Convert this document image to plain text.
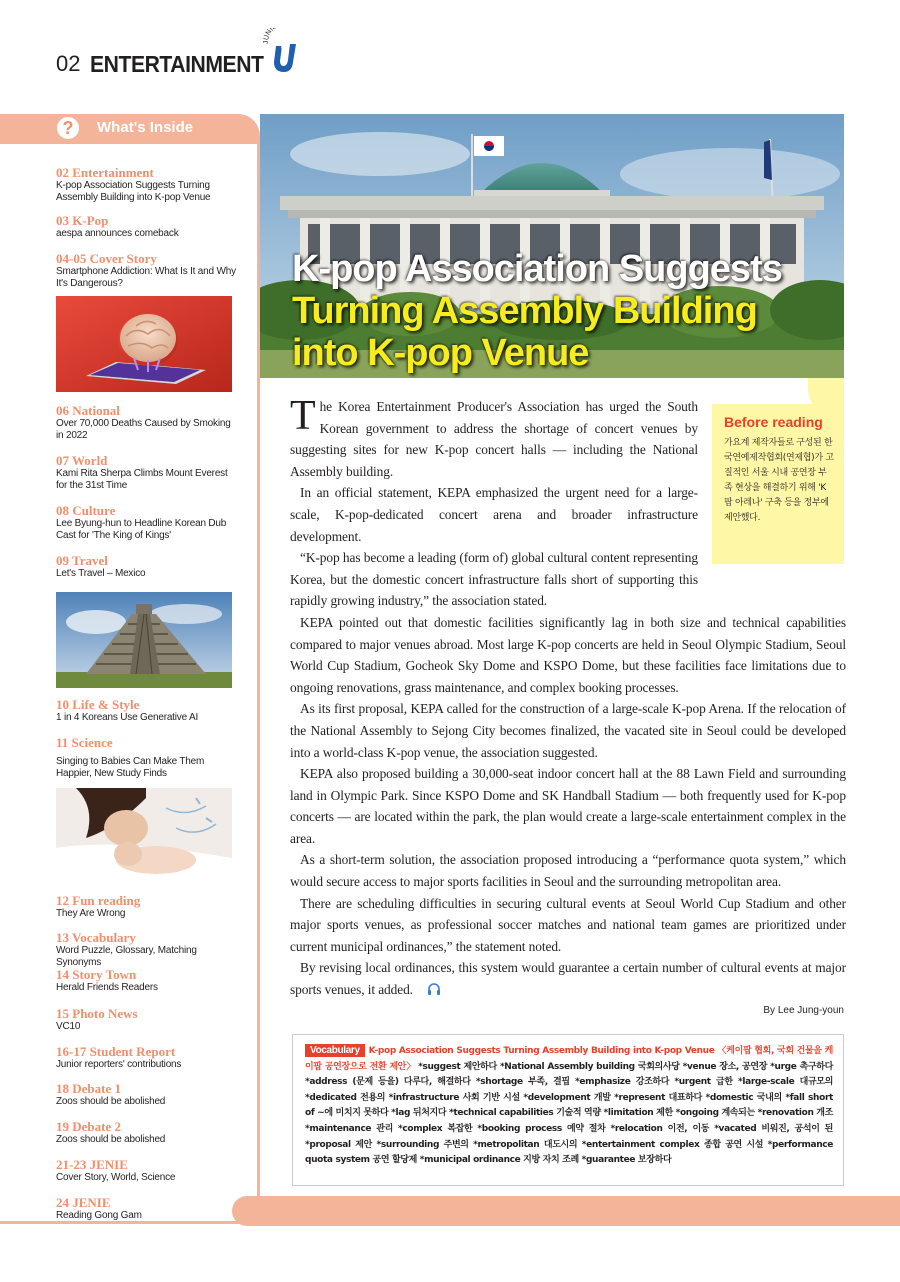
02 ENTERTAINMENT
JUNI
?	What's Inside
02 Entertainment
K-pop Association Suggests Turning Assembly Building into K-pop Venue
03 K-Pop
aespa announces comeback
04-05 Cover Story
Smartphone Addiction: What Is It and Why It's Dangerous?
06 National
Over 70,000 Deaths Caused by Smoking in 2022
07 World
Kami Rita Sherpa Climbs Mount Everest for the 31st Time
08 Culture
Lee Byung-hun to Headline Korean Dub Cast for 'The King of Kings'
09 Travel
Let's Travel – Mexico
10 Life & Style
1 in 4 Koreans Use Generative AI
11 Science
Singing to Babies Can Make Them Happier, New Study Finds
12 Fun reading
They Are Wrong
13 Vocabulary
Word Puzzle, Glossary, Matching Synonyms
14 Story Town
Herald Friends Readers
15 Photo News
VC10
16-17 Student Report
Junior reporters' contributions
18 Debate 1
Zoos should be abolished
19 Debate 2
Zoos should be abolished
21-23 JENIE
Cover Story, World, Science
24 JENIE
Reading Gong Gam
K-pop Association Suggests
Turning Assembly Building
into K-pop Venue
Before reading
가요계 제작자들로 구성된 한국연예제작협회(연제협)가 고질적인 서울 시내 공연장 부족 현상을 해결하기 위해 'K팝 아레나' 구축 등을 정부에 제안했다.

The Korea Entertainment Producer's Association has urged the South Korean government to address the shortage of concert venues by suggesting sites for new K-pop concert halls — including the National Assembly building.

In an official statement, KEPA emphasized the urgent need for a large-scale, K-pop-dedicated concert arena and broader infrastructure development.

“K-pop has become a leading (form of) global cultural content representing Korea, but the domestic concert infrastructure falls short of supporting this rapidly growing industry,” the association stated.

KEPA pointed out that domestic facilities significantly lag in both size and technical capabilities compared to major venues abroad. Most large K-pop concerts are held in Seoul Olympic Stadium, Seoul World Cup Stadium, Gocheok Sky Dome and KSPO Dome, but these facilities face limitations due to ongoing renovations, grass maintenance, and complex booking processes.

As its first proposal, KEPA called for the construction of a large-scale K-pop Arena. If the relocation of the National Assembly to Sejong City becomes finalized, the vacated site in Seoul could be developed into a world-class K-pop venue, the association suggested.

KEPA also proposed building a 30,000-seat indoor concert hall at the 88 Lawn Field and surrounding land in Olympic Park. Since KSPO Dome and SK Handball Stadium — both frequently used for K-pop concerts — are located within the park, the plan would create a large-scale entertainment complex in the area.

As a short-term solution, the association proposed introducing a “performance quota system,” which would secure access to major sports facilities in Seoul and the surrounding metropolitan area.

There are scheduling difficulties in securing cultural events at Seoul World Cup Stadium and other major sports venues, as professional soccer matches and national team games are prioritized under current municipal ordinances,” the statement noted.

By revising local ordinances, this system would guarantee a certain number of cultural events at major sports venues, it added.

By Lee Jung-youn
Vocabulary K-pop Association Suggests Turning Assembly Building into K-pop Venue 〈케이팝 협회, 국회 건물을 케이팝 공연장으로 전환 제안〉 *suggest 제안하다 *National Assembly building 국회의사당 *venue 장소, 공연장 *urge 촉구하다 *address (문제 등을) 다루다, 해결하다 *shortage 부족, 결핍 *emphasize 강조하다 *urgent 급한 *large-scale 대규모의 *dedicated 전용의 *infrastructure 사회 기반 시설 *development 개발 *represent 대표하다 *domestic 국내의 *fall short of ~에 미치지 못하다 *lag 뒤처지다 *technical capabilities 기술적 역량 *limitation 제한 *ongoing 계속되는 *renovation 개조 *maintenance 관리 *complex 복잡한 *booking process 예약 절차 *relocation 이전, 이동 *vacated 비워진, 공석이 된 *proposal 제안 *surrounding 주변의 *metropolitan 대도시의 *entertainment complex 종합 공연 시설 *performance quota system 공연 할당제 *municipal ordinance 지방 자치 조례 *guarantee 보장하다
